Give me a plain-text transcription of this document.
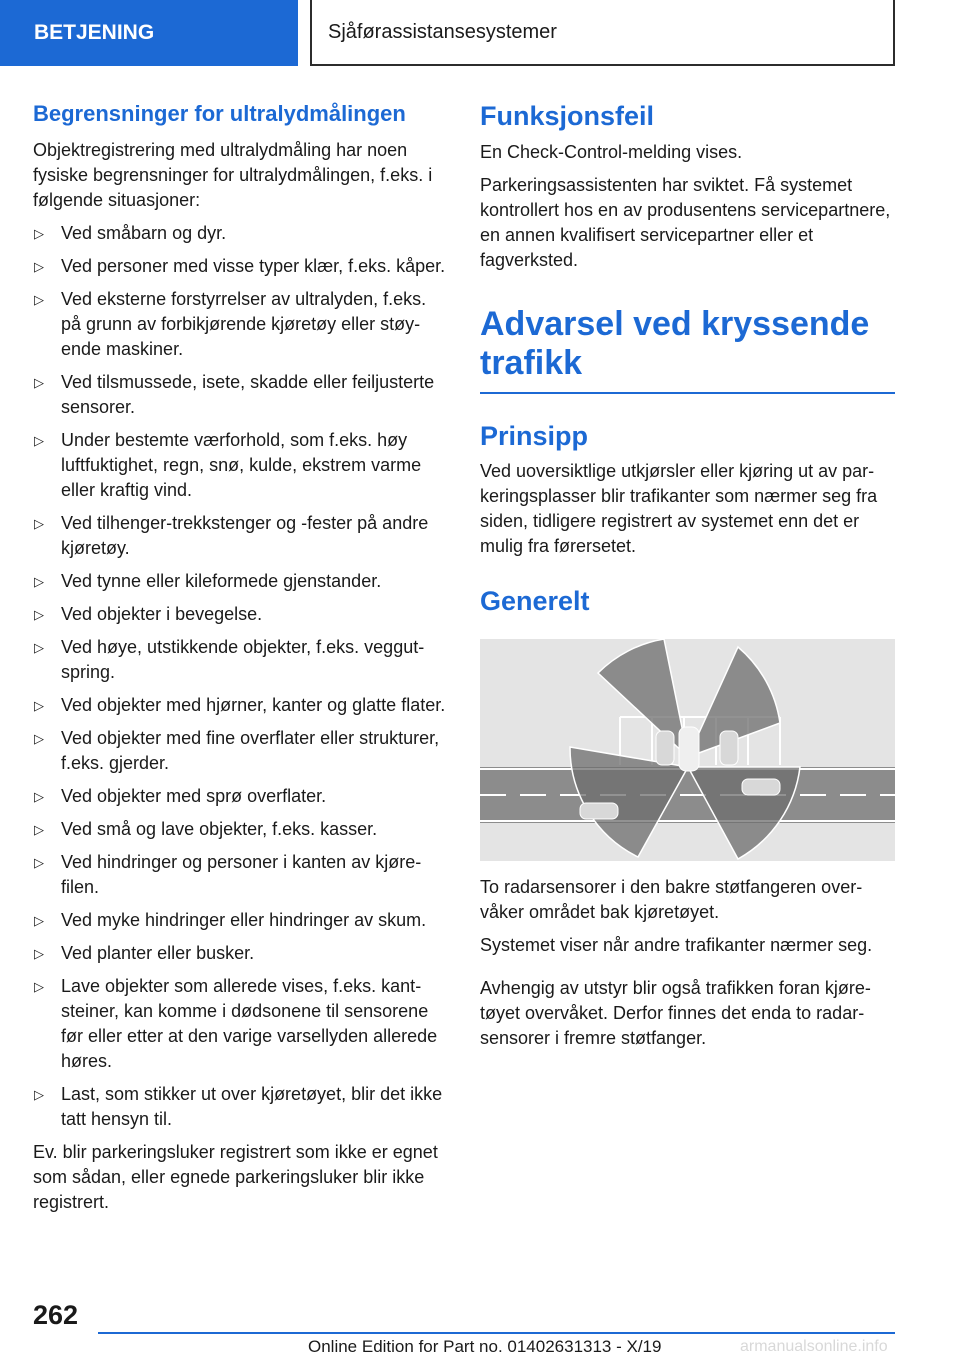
BETJENING	Sjåførassistansesystemer
Begrensninger for ultralydmålingen

Objektregistrering med ultralydmåling har noen fysiske begrensninger for ultralydmålingen, f.eks. i følgende situasjoner:

▷ Ved småbarn og dyr.
▷ Ved personer med visse typer klær, f.eks. kåper.
▷ Ved eksterne forstyrrelser av ultralyden, f.eks. på grunn av forbikjørende kjøretøy eller støyende maskiner.
▷ Ved tilsmussede, isete, skadde eller feiljusterte sensorer.
▷ Under bestemte værforhold, som f.eks. høy luftfuktighet, regn, snø, kulde, ekstrem varme eller kraftig vind.
▷ Ved tilhenger-trekkstenger og -fester på andre kjøretøy.
▷ Ved tynne eller kileformede gjenstander.
▷ Ved objekter i bevegelse.
▷ Ved høye, utstikkende objekter, f.eks. veggutspring.
▷ Ved objekter med hjørner, kanter og glatte flater.
▷ Ved objekter med fine overflater eller strukturer, f.eks. gjerder.
▷ Ved objekter med sprø overflater.
▷ Ved små og lave objekter, f.eks. kasser.
▷ Ved hindringer og personer i kanten av kjørefilen.
▷ Ved myke hindringer eller hindringer av skum.
▷ Ved planter eller busker.
▷ Lave objekter som allerede vises, f.eks. kantsteiner, kan komme i dødsonene til sensorene før eller etter at den varige varsellyden allerede høres.
▷ Last, som stikker ut over kjøretøyet, blir det ikke tatt hensyn til.

Ev. blir parkeringsluker registrert som ikke er egnet som sådan, eller egnede parkeringsluker blir ikke registrert.

Funksjonsfeil

En Check-Control-melding vises.

Parkeringsassistenten har sviktet. Få systemet kontrollert hos en av produsentens servicepartnere, en annen kvalifisert servicepartner eller et fagverksted.

Advarsel ved kryssende trafikk
Prinsipp

Ved uoversiktlige utkjørsler eller kjøring ut av parkeringsplasser blir trafikanter som nærmer seg fra siden, tidligere registrert av systemet enn det er mulig fra førersetet.

Generelt

To radarsensorer i den bakre støtfangeren overvåker området bak kjøretøyet.

Systemet viser når andre trafikanter nærmer seg.

Avhengig av utstyr blir også trafikken foran kjøretøyet overvåket. Derfor finnes det enda to radarsensorer i fremre støtfanger.

262
Online Edition for Part no. 01402631313 - X/19	armanualsonline.info
